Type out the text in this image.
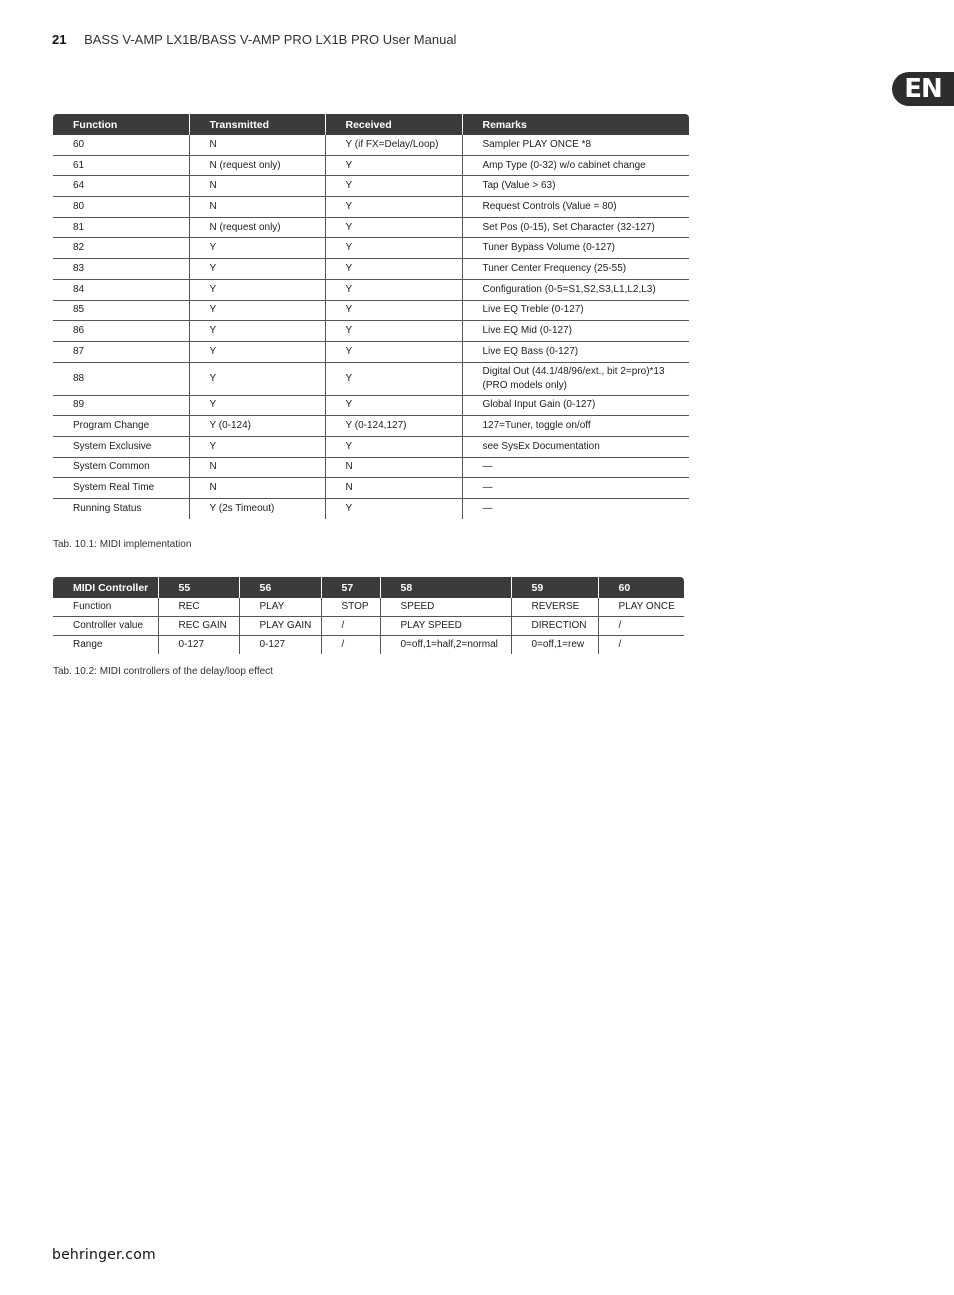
21 BASS V-AMP LX1B/BASS V-AMP PRO LX1B PRO User Manual
EN
Function	Transmitted	Received	Remarks
60	N	Y (if FX=Delay/Loop)	Sampler PLAY ONCE *8
61	N (request only)	Y	Amp Type (0-32) w/o cabinet change
64	N	Y	Tap (Value > 63)
80	N	Y	Request Controls (Value = 80)
81	N (request only)	Y	Set Pos (0-15), Set Character (32-127)
82	Y	Y	Tuner Bypass Volume (0-127)
83	Y	Y	Tuner Center Frequency (25-55)
84	Y	Y	Configuration (0-5=S1,S2,S3,L1,L2,L3)
85	Y	Y	Live EQ Treble (0-127)
86	Y	Y	Live EQ Mid (0-127)
87	Y	Y	Live EQ Bass (0-127)
88	Y	Y	Digital Out (44.1/48/96/ext., bit 2=pro)*13
(PRO models only)
89	Y	Y	Global Input Gain (0-127)
Program Change	Y (0-124)	Y (0-124,127)	127=Tuner, toggle on/off
System Exclusive	Y	Y	see SysEx Documentation
System Common	N	N	—
System Real Time	N	N	—
Running Status	Y (2s Timeout)	Y	—
Tab. 10.1: MIDI implementation
MIDI Controller	55	56	57	58	59	60
Function	REC	PLAY	STOP	SPEED	REVERSE	PLAY ONCE
Controller value	REC GAIN	PLAY GAIN	/	PLAY SPEED	DIRECTION	/
Range	0-127	0-127	/	0=off,1=half,2=normal	0=off,1=rew	/
Tab. 10.2: MIDI controllers of the delay/loop effect
behringer.com
